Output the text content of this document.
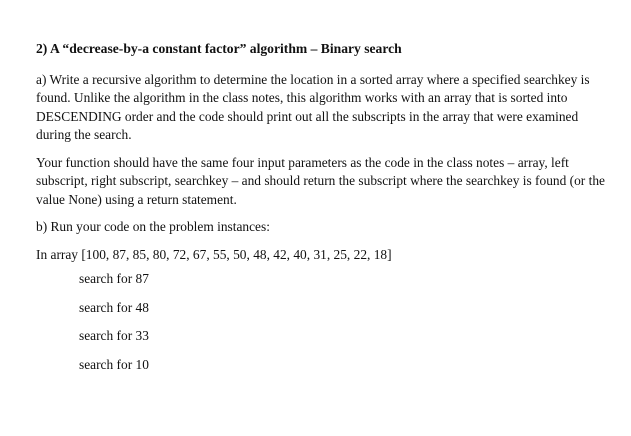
2) A “decrease-by-a constant factor” algorithm – Binary search

a) Write a recursive algorithm to determine the location in a sorted array where a specified searchkey is found. Unlike the algorithm in the class notes, this algorithm works with an array that is sorted into DESCENDING order and the code should print out all the subscripts in the array that were examined during the search.

Your function should have the same four input parameters as the code in the class notes – array, left subscript, right subscript, searchkey – and should return the subscript where the searchkey is found (or the value None) using a return statement.

b) Run your code on the problem instances:

In array [100, 87, 85, 80, 72, 67, 55, 50, 48, 42, 40, 31, 25, 22, 18]

search for 87
search for 48
search for 33
search for 10
